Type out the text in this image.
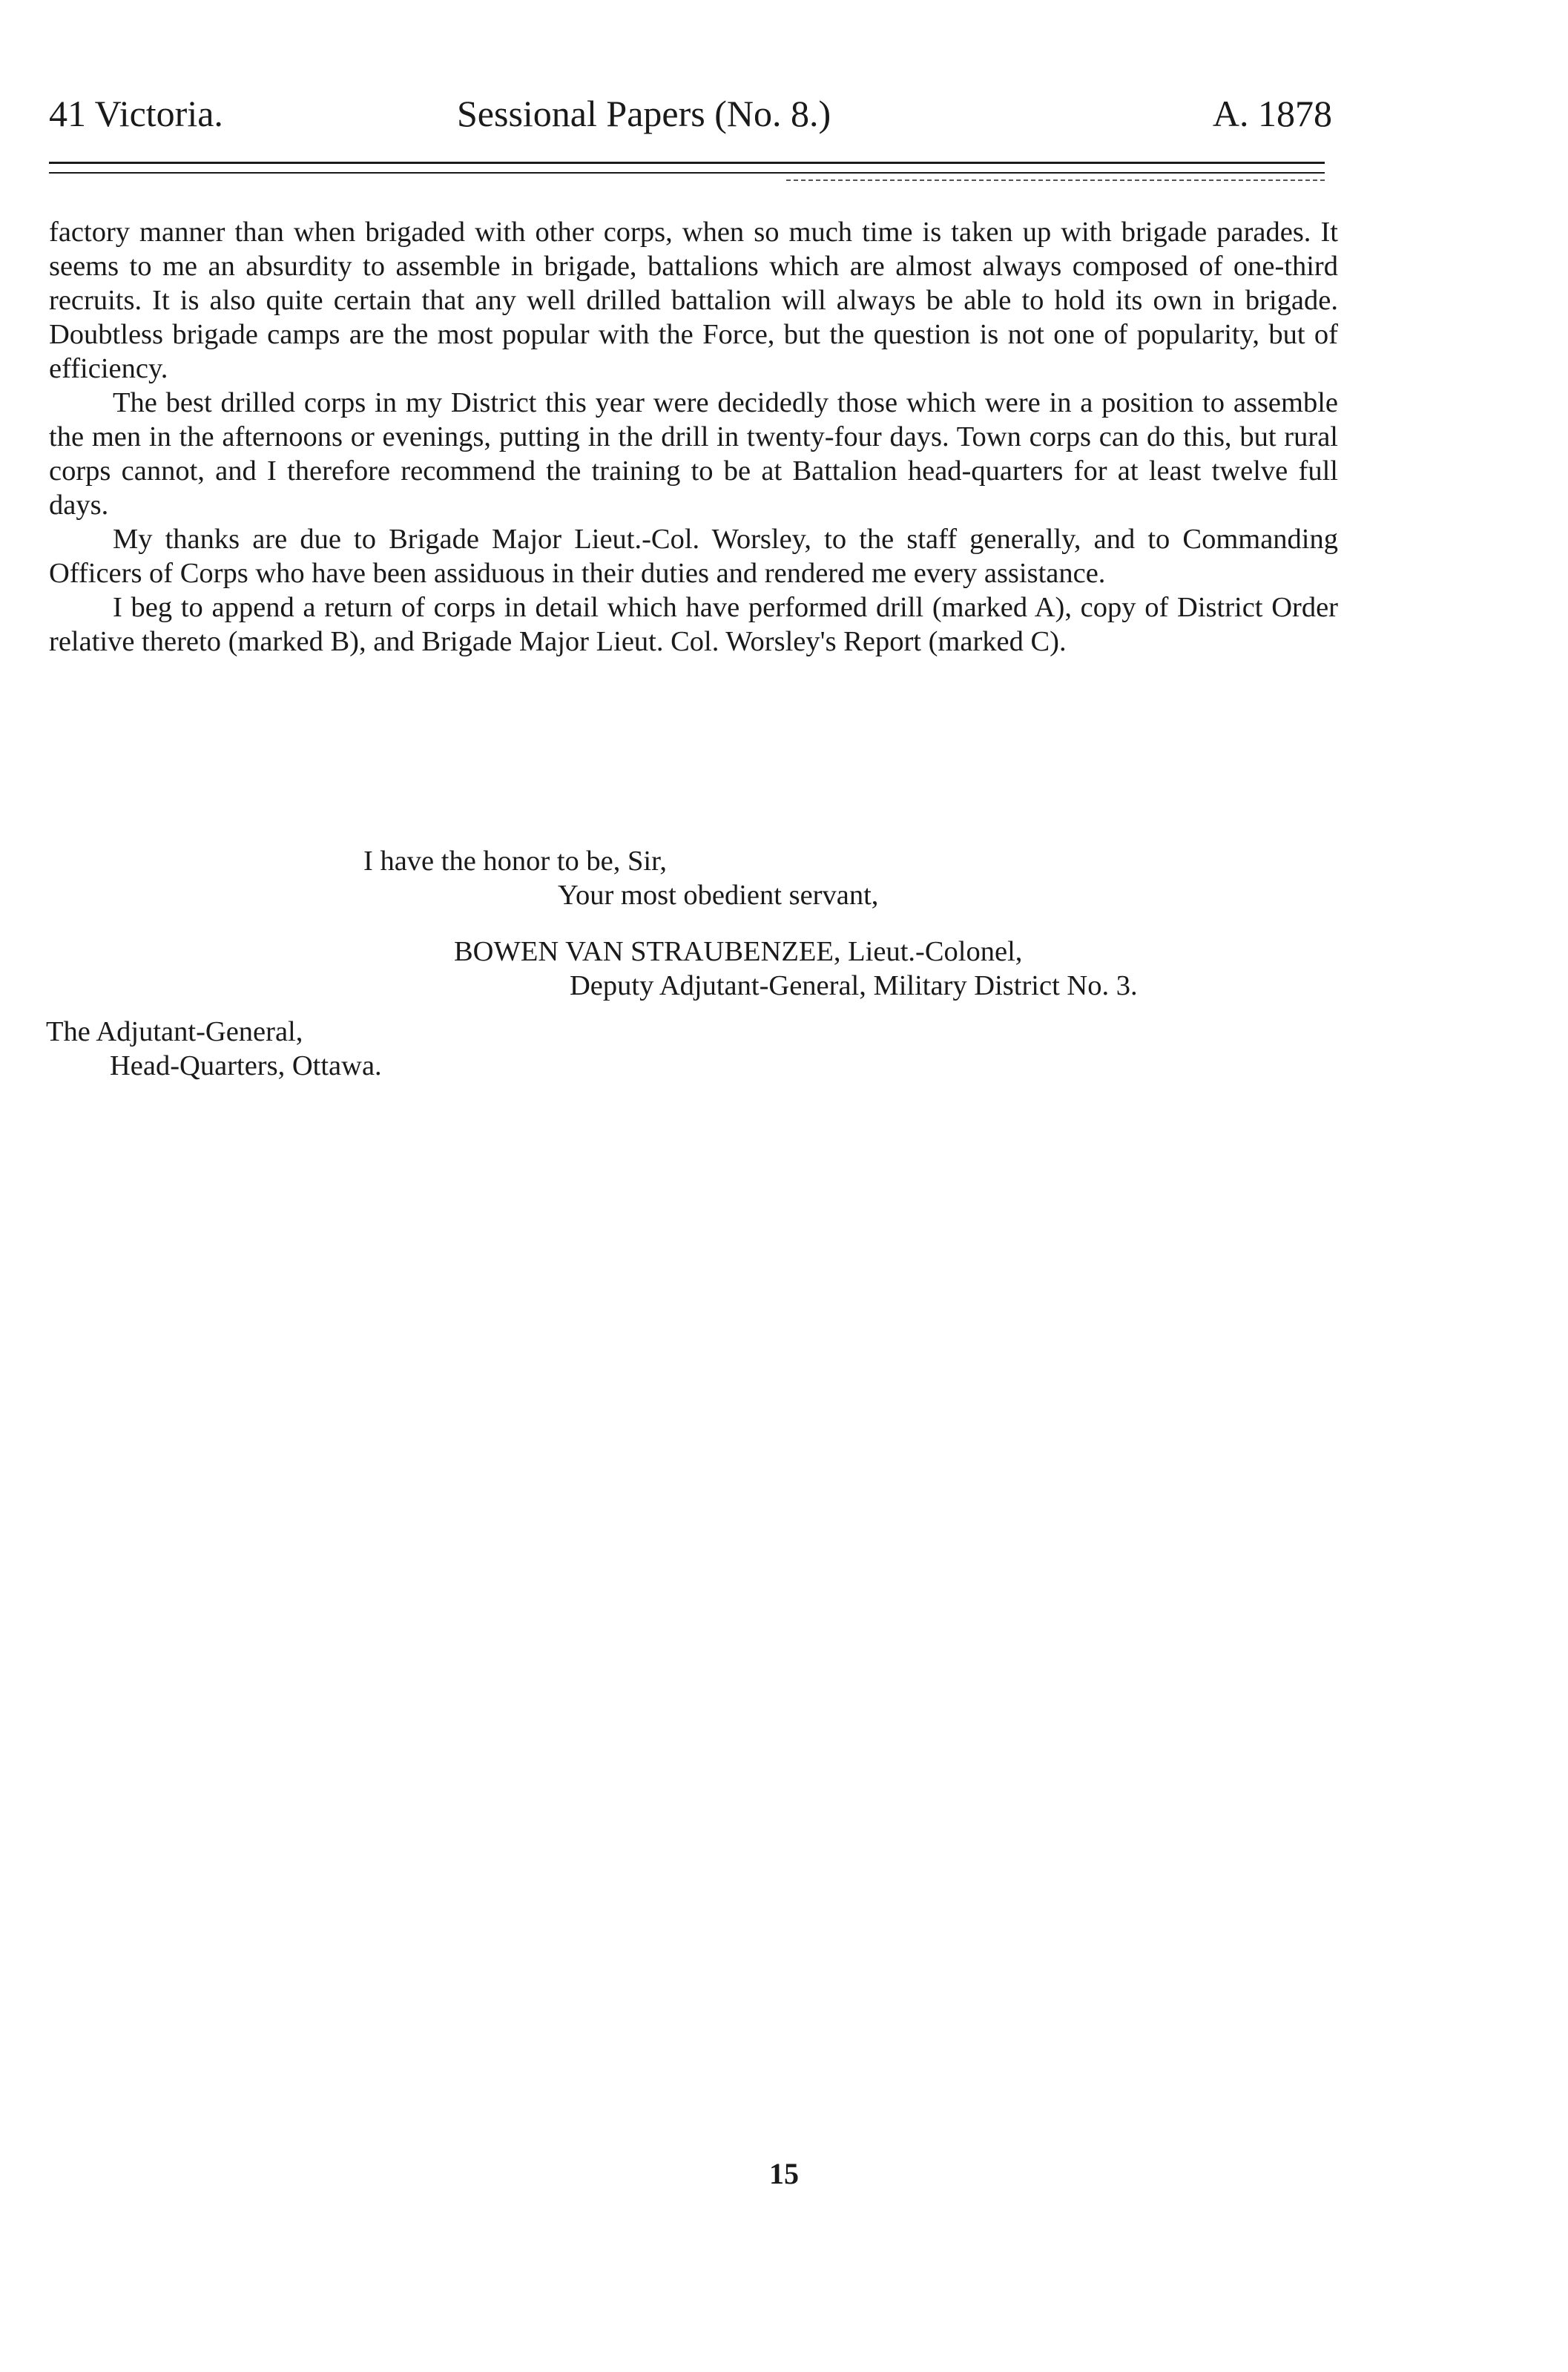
41 Victoria.	Sessional Papers (No. 8.)	A. 1878

factory manner than when brigaded with other corps, when so much time is taken up with brigade parades. It seems to me an absurdity to assemble in brigade, battalions which are almost always composed of one-third recruits. It is also quite certain that any well drilled battalion will always be able to hold its own in brigade. Doubtless brigade camps are the most popular with the Force, but the question is not one of popularity, but of efficiency.

The best drilled corps in my District this year were decidedly those which were in a position to assemble the men in the afternoons or evenings, putting in the drill in twenty-four days. Town corps can do this, but rural corps cannot, and I therefore recommend the training to be at Battalion head-quarters for at least twelve full days.

My thanks are due to Brigade Major Lieut.-Col. Worsley, to the staff generally, and to Commanding Officers of Corps who have been assiduous in their duties and rendered me every assistance.

I beg to append a return of corps in detail which have performed drill (marked A), copy of District Order relative thereto (marked B), and Brigade Major Lieut. Col. Worsley's Report (marked C).

I have the honor to be, Sir,
Your most obedient servant,
BOWEN VAN STRAUBENZEE, Lieut.-Colonel,
Deputy Adjutant-General, Military District No. 3.
The Adjutant-General,
Head-Quarters, Ottawa.
15
